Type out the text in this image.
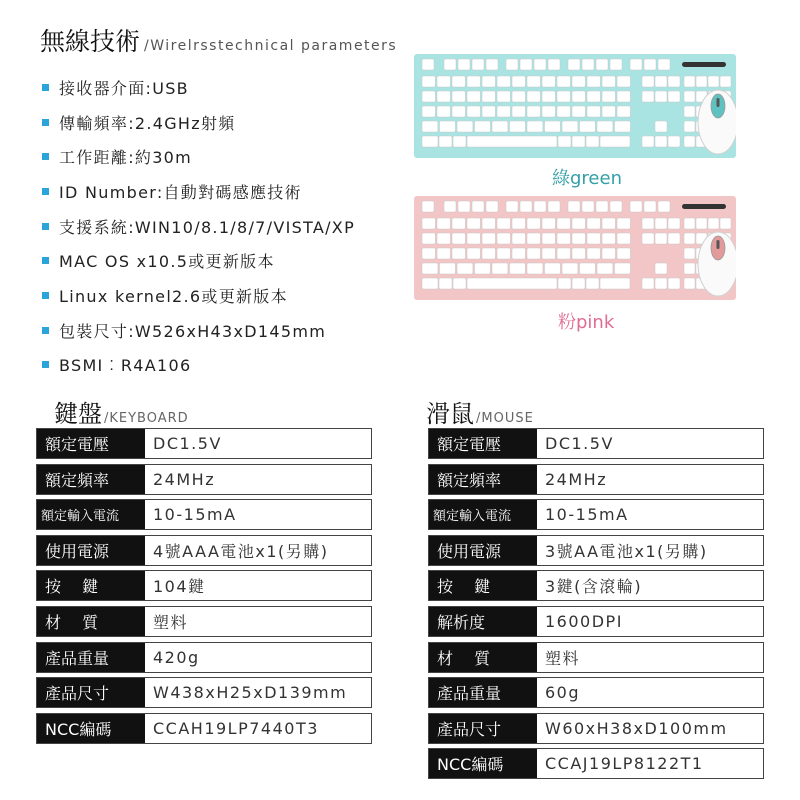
無線技術 /Wirelrsstechnical parameters
接收器介面:USB
傳輸頻率:2.4GHz射頻
工作距離:約30m
ID Number:自動對碼感應技術
支援系統:WIN10/8.1/8/7/VISTA/XP
MAC OS x10.5或更新版本
Linux kernel2.6或更新版本
包裝尺寸:W526xH43xD145mm
BSMI︰R4A106
綠green
粉pink
鍵盤 /KEYBOARD	滑鼠 /MOUSE
額定電壓	DC1.5V
額定頻率	24MHz
額定輸入電流	10-15mA
使用電源	4號AAA電池x1(另購)
按　 鍵	104鍵
材　 質	塑料
產品重量	420g
產品尺寸	W438xH25xD139mm
NCC編碼	CCAH19LP7440T3
額定電壓	DC1.5V
額定頻率	24MHz
額定輸入電流	10-15mA
使用電源	3號AA電池x1(另購)
按　 鍵	3鍵(含滾輪)
解析度	1600DPI
材　 質	塑料
產品重量	60g
產品尺寸	W60xH38xD100mm
NCC編碼	CCAJ19LP8122T1
